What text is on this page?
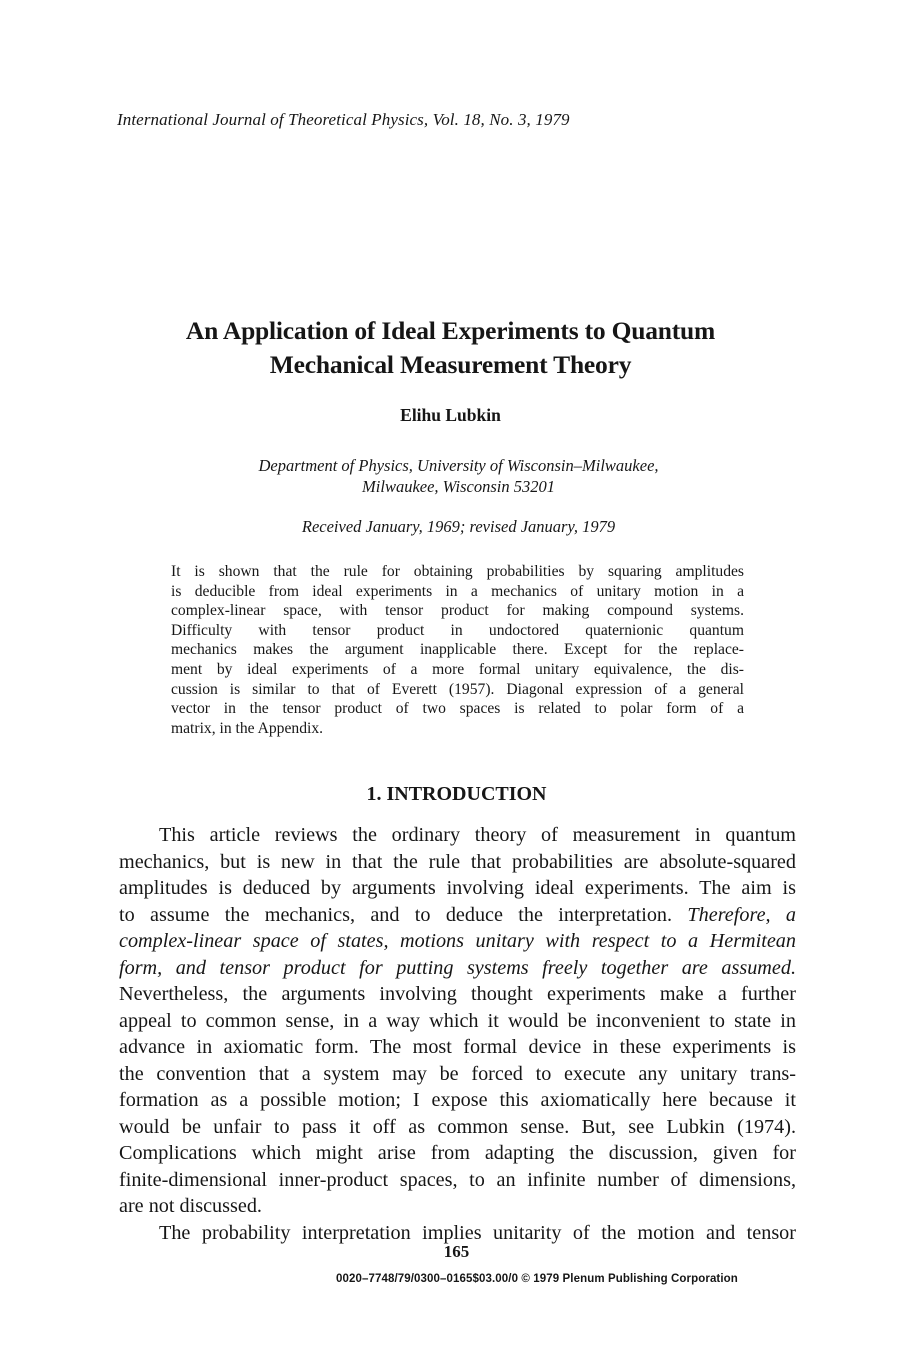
International Journal of Theoretical Physics, Vol. 18, No. 3, 1979
An Application of Ideal Experiments to Quantum
Mechanical Measurement Theory
Elihu Lubkin
Department of Physics, University of Wisconsin–Milwaukee,
Milwaukee, Wisconsin 53201
Received January, 1969; revised January, 1979
It is shown that the rule for obtaining probabilities by squaring amplitudes
is deducible from ideal experiments in a mechanics of unitary motion in a
complex-linear space, with tensor product for making compound systems.
Difficulty with tensor product in undoctored quaternionic quantum
mechanics makes the argument inapplicable there. Except for the replace-
ment by ideal experiments of a more formal unitary equivalence, the dis-
cussion is similar to that of Everett (1957). Diagonal expression of a general
vector in the tensor product of two spaces is related to polar form of a
matrix, in the Appendix.
1. INTRODUCTION
This article reviews the ordinary theory of measurement in quantum
mechanics, but is new in that the rule that probabilities are absolute-squared
amplitudes is deduced by arguments involving ideal experiments. The aim is
to assume the mechanics, and to deduce the interpretation. Therefore, a
complex-linear space of states, motions unitary with respect to a Hermitean
form, and tensor product for putting systems freely together are assumed.
Nevertheless, the arguments involving thought experiments make a further
appeal to common sense, in a way which it would be inconvenient to state in
advance in axiomatic form. The most formal device in these experiments is
the convention that a system may be forced to execute any unitary trans-
formation as a possible motion; I expose this axiomatically here because it
would be unfair to pass it off as common sense. But, see Lubkin (1974).
Complications which might arise from adapting the discussion, given for
finite-dimensional inner-product spaces, to an infinite number of dimensions,
are not discussed.
The probability interpretation implies unitarity of the motion and tensor
165
0020–7748/79/0300–0165$03.00/0 © 1979 Plenum Publishing Corporation
